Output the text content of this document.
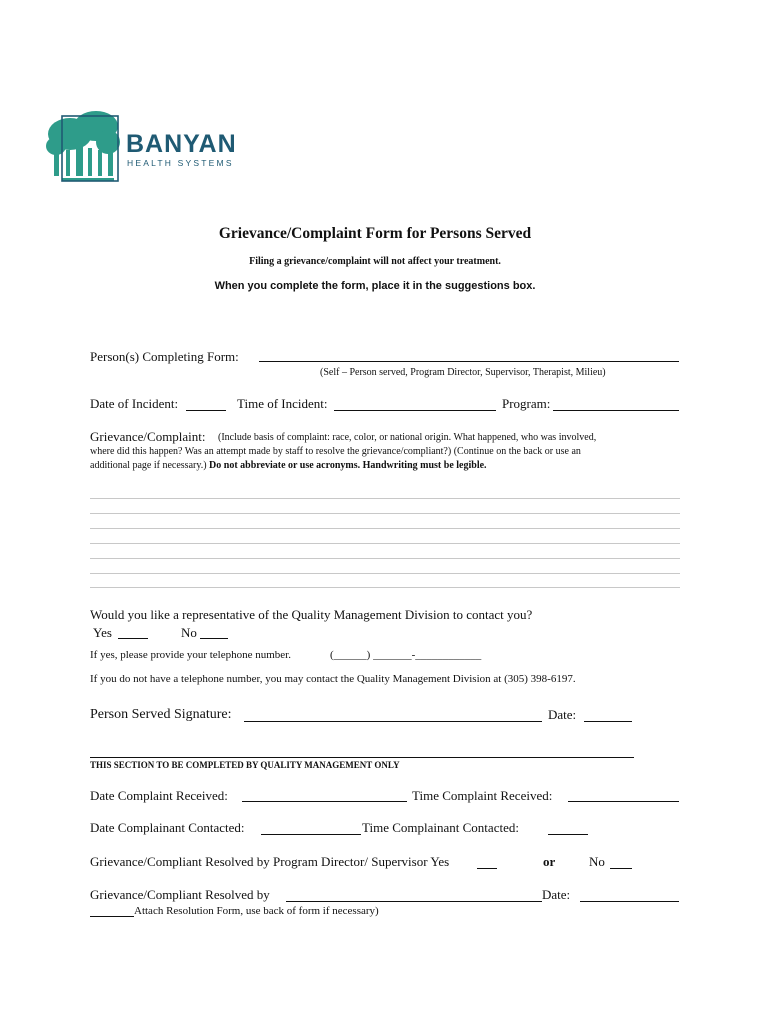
BANYAN
HEALTH SYSTEMS
Grievance/Complaint Form for Persons Served
Filing a grievance/complaint will not affect your treatment.
When you complete the form, place it in the suggestions box.
Person(s) Completing Form:
(Self – Person served, Program Director, Supervisor, Therapist, Milieu)
Date of Incident:	Time of Incident:	Program:
Grievance/Complaint: (Include basis of complaint: race, color, or national origin. What happened, who was involved,
where did this happen? Was an attempt made by staff to resolve the grievance/compliant?) (Continue on the back or use an
additional page if necessary.) Do not abbreviate or use acronyms. Handwriting must be legible.
Would you like a representative of the Quality Management Division to contact you?
Yes	No
If yes, please provide your telephone number.	(______) _______-____________
If you do not have a telephone number, you may contact the Quality Management Division at (305) 398-6197.
Person Served Signature:	Date:
THIS SECTION TO BE COMPLETED BY QUALITY MANAGEMENT ONLY
Date Complaint Received:	Time Complaint Received:
Date Complainant Contacted:	Time Complainant Contacted:
Grievance/Compliant Resolved by Program Director/ Supervisor Yes	or	No
Grievance/Compliant Resolved by	Date:
Attach Resolution Form, use back of form if necessary)
